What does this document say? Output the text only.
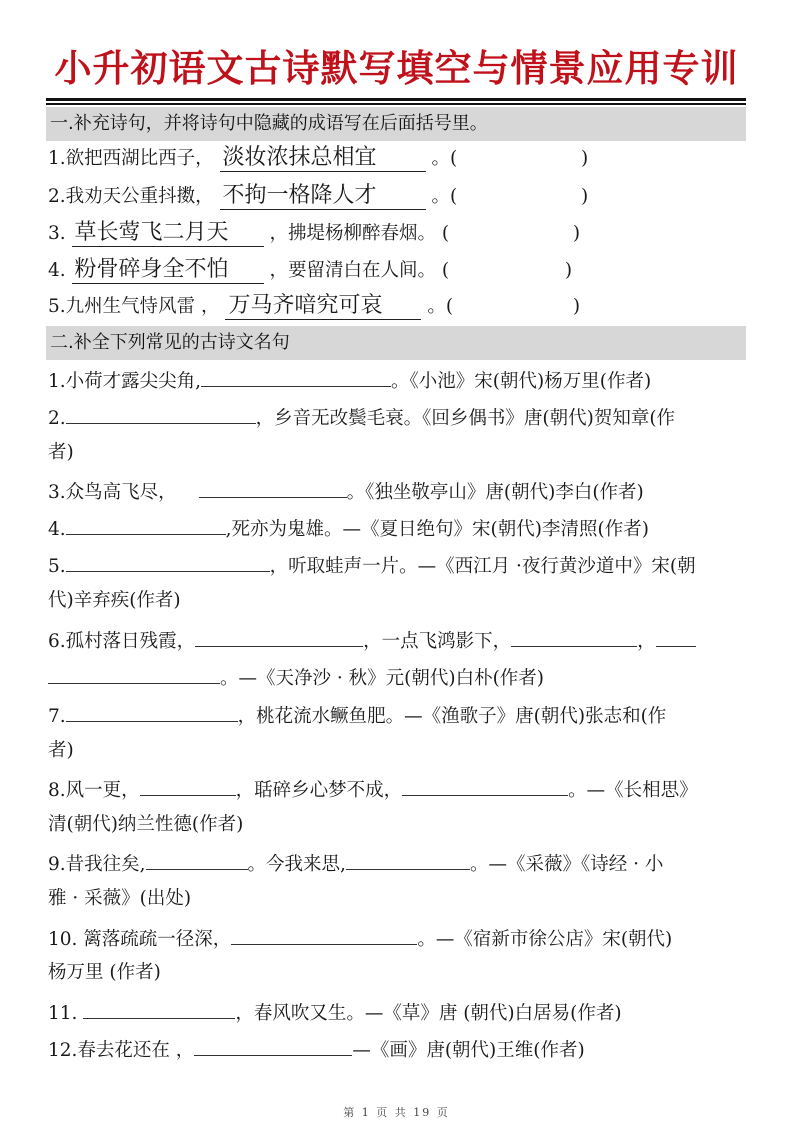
小升初语文古诗默写填空与情景应用专训
一.补充诗句，并将诗句中隐藏的成语写在后面括号里。
1.欲把西湖比西子， 淡妆浓抹总相宜	。(	)
2.我劝天公重抖擞， 不拘一格降人才	。(	)
3. 草长莺飞二月天 ，拂堤杨柳醉春烟。 (	)
4. 粉骨碎身全不怕 ，要留清白在人间。 (	)
5.九州生气恃风雷 ， 万马齐喑究可哀 。(	)
二.补全下列常见的古诗文名句
1.小荷才露尖尖角,	。《小池》宋(朝代)杨万里(作者)
2.	，乡音无改鬓毛衰。《回乡偶书》唐(朝代)贺知章(作
者)
3.众鸟高飞尽，	。《独坐敬亭山》唐(朝代)李白(作者)
4.	,死亦为鬼雄。—《夏日绝句》宋(朝代)李清照(作者)
5.	，听取蛙声一片。—《西江月 ·夜行黄沙道中》宋(朝
代)辛弃疾(作者)
6.孤村落日残霞，	，一点飞鸿影下，	，
。—《天净沙 · 秋》元(朝代)白朴(作者)
7.	，桃花流水鳜鱼肥。—《渔歌子》唐(朝代)张志和(作
者)
8.风一更，	，聒碎乡心梦不成，	。—《长相思》
清(朝代)纳兰性德(作者)
9.昔我往矣,	。今我来思,	。—《采薇》《诗经 · 小
雅 · 采薇》(出处)
10. 篱落疏疏一径深，	。—《宿新市徐公店》宋(朝代)
杨万里 (作者)
11.	，春风吹又生。—《草》唐 (朝代)白居易(作者)
12.春去花还在 ，	—《画》唐(朝代)王维(作者)
第 1 页 共 19 页
